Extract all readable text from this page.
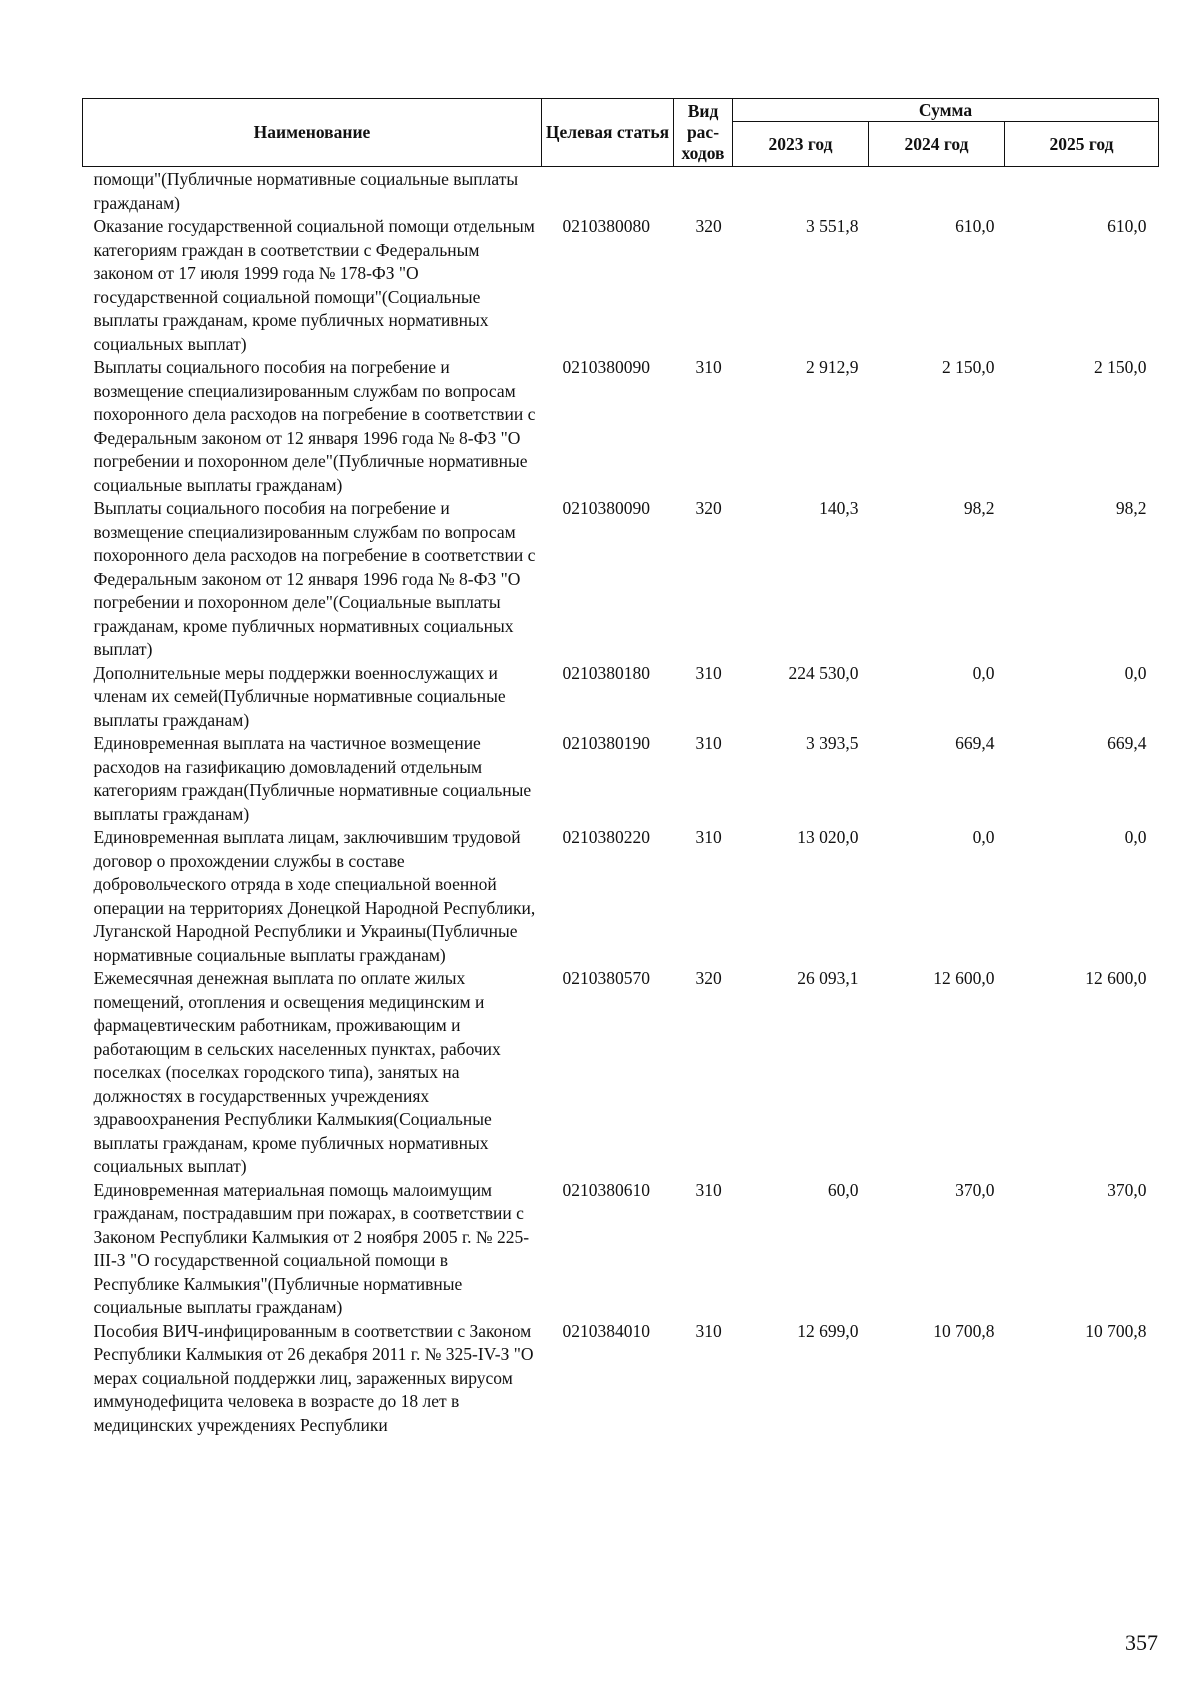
Наименование	Целевая статья	Вид рас-ходов	Сумма		
			2023 год	2024 год	2025 год
помощи"(Публичные нормативные социальные выплаты гражданам)					
Оказание государственной социальной помощи отдельным категориям граждан в соответствии с Федеральным законом от 17 июля 1999 года № 178-ФЗ "О государственной социальной помощи"(Социальные выплаты гражданам, кроме публичных нормативных социальных выплат)	0210380080	320	3 551,8	610,0	610,0
Выплаты социального пособия на погребение и возмещение специализированным службам по вопросам похоронного дела расходов на погребение в соответствии с Федеральным законом от 12 января 1996 года № 8-ФЗ "О погребении и похоронном деле"(Публичные нормативные социальные выплаты гражданам)	0210380090	310	2 912,9	2 150,0	2 150,0
Выплаты социального пособия на погребение и возмещение специализированным службам по вопросам похоронного дела расходов на погребение в соответствии с Федеральным законом от 12 января 1996 года № 8-ФЗ "О погребении и похоронном деле"(Социальные выплаты гражданам, кроме публичных нормативных социальных выплат)	0210380090	320	140,3	98,2	98,2
Дополнительные меры поддержки военнослужащих и членам их семей(Публичные нормативные социальные выплаты гражданам)	0210380180	310	224 530,0	0,0	0,0
Единовременная выплата на частичное возмещение расходов на газификацию домовладений отдельным категориям граждан(Публичные нормативные социальные выплаты гражданам)	0210380190	310	3 393,5	669,4	669,4
Единовременная выплата лицам, заключившим трудовой договор о прохождении службы в составе добровольческого отряда в ходе специальной военной операции на территориях Донецкой Народной Республики, Луганской Народной Республики и Украины(Публичные нормативные социальные выплаты гражданам)	0210380220	310	13 020,0	0,0	0,0
Ежемесячная денежная выплата по оплате жилых помещений, отопления и освещения медицинским и фармацевтическим работникам, проживающим и работающим в сельских населенных пунктах, рабочих поселках (поселках городского типа), занятых на должностях в государственных учреждениях здравоохранения Республики Калмыкия(Социальные выплаты гражданам, кроме публичных нормативных социальных выплат)	0210380570	320	26 093,1	12 600,0	12 600,0
Единовременная материальная помощь малоимущим гражданам, пострадавшим при пожарах, в соответствии с Законом Республики Калмыкия от 2 ноября 2005 г. № 225-III-З "О государственной социальной помощи в Республике Калмыкия"(Публичные нормативные социальные выплаты гражданам)	0210380610	310	60,0	370,0	370,0
Пособия ВИЧ-инфицированным в соответствии с Законом Республики Калмыкия от 26 декабря 2011 г. № 325-IV-З "О мерах социальной поддержки лиц, зараженных вирусом иммунодефицита человека в возрасте до 18 лет в медицинских учреждениях Республики	0210384010	310	12 699,0	10 700,8	10 700,8
357
